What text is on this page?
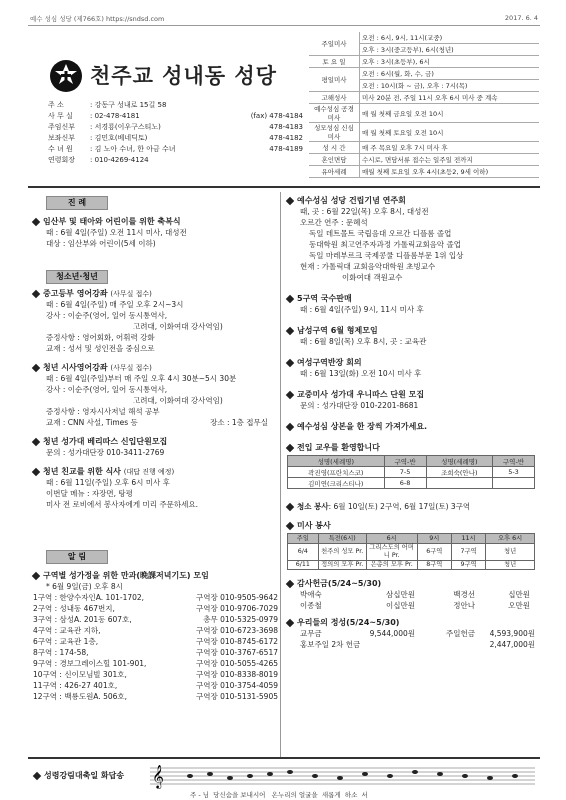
예수 성심 성당 (제766호) https://sndsd.com	2017. 6. 4
천주교 성내동 성당
주 소	: 강동구 성내로 15길 58
사 무 실	: 02-478-4181	(fax) 478-4184
주임신부	: 서경룡(이우구스티노)	478-4183
보좌신부	: 김민호(베네딕토)	478-4182
수 녀 원	: 김 노아 수녀, 한 아금 수녀	478-4189
연령회장	: 010-4269-4124
주일미사	오전 : 6시, 9시, 11시(교중)
	오후 : 3시(중고등부), 6시(청년)
토 요 일	오후 : 3시(초등부), 6시
평일미사	오전 : 6시(월, 화, 수, 금)
	오전 : 10시(화 ~ 금), 오후 : 7시(목)
고해성사	미사 20분 전, 주일 11시 오후 6시 미사 중 계속
예수성심 공경미사	매 월 첫째 금요일 오전 10시
성모성심 신심미사	매 월 첫째 토요일 오전 10시
성 시 간	매 주 목요일 오후 7시 미사 후
혼인면담	수시로, 면담서류 접수는 일주일 전까지
유아세례	매월 첫째 토요일 오후 4시(초등2, 9세 이하)
진 례
임산부 및 태아와 어린이를 위한 축복식
때 : 6월 4일(주일) 오전 11시 미사, 대성전
대상 : 임산부와 어린이(5세 이하)
청소년·청년
중고등부 영어강좌 (사무실 접수)
때 : 6월 4일(주일) 매 주일 오후 2시~3시
강사 : 이순주(영어, 일어 동시통역사,
고려대, 이화여대 강사역임)
증정사항 : 영어회화, 어휘력 강화
교재 : 성서 및 성인전을 중심으로
청년 시사영어강좌 (사무실 접수)
때 : 6월 4일(주일)부터 매 주일 오후 4시 30분~5시 30분
강사 : 이순주(영어, 일어 동시통역사,
고려대, 이화여대 강사역임)
증정사항 : 영자시사저널 해석 공부
교재 : CNN 사설, Times 등	장소 : 1층 접무실
청년 성가대 베리따스 신입단원모집
문의 : 성가대단장 010-3411-2769
청년 친교를 위한 식사 (대답 진행 예정)
때 : 6월 11일(주일) 오후 6시 미사 후
이번달 메뉴 : 자장면, 탕평
미사 전 로비에서 봉사자에게 미리 주문하세요.
알 림
구역별 성가정을 위한 만과(晩課저녁기도) 모임
* 6월 9일(금) 오후 8시
1구역 : 한양수자인A. 101-1702,	구역장 010-9505-9642
2구역 : 성내동 467번지,	구역장 010-9706-7029
3구역 : 삼성A. 201동 607호,	총무 010-5325-0979
4구역 : 교육관 지하,	구역장 010-6723-3698
6구역 : 교육관 1층,	구역장 010-8745-6172
8구역 : 174-58,	구역장 010-3767-6517
9구역 : 경보그레이스힐 101-901,	구역장 010-5055-4265
10구역 : 신이모님빌 301호,	구역장 010-8338-8019
11구역 : 426-27 401호,	구역장 010-3754-4059
12구역 : 백룡도원A. 506호,	구역장 010-5131-5905
예수성심 성당 건립기념 연주회
때, 곳 : 6월 22일(목) 오후 8시, 대성전
오르간 연주 : 문혜석
독일 데트몰트 국립음대 오르간 디플롬 졸업
동대학원 최고연주자과정 가톨릭교회음악 졸업
독일 마레부르크 국제콩쿨 디플롬부문 1위 입상
현재 : 가톨릭대 교회음악대학원 초빙교수
이화여대 객원교수
5구역 국수판매
때 : 6월 4일(주일) 9시, 11시 미사 후
남성구역 6월 형제모임
때 : 6월 8일(목) 오후 8시, 곳 : 교육관
여성구역반장 회의
때 : 6월 13일(화) 오전 10시 미사 후
교중미사 성가대 우니따스 단원 모집
문의 : 성가대단장 010-2201-8681
예수성심 상본을 한 장씩 가져가세요.
전입 교우를 환영합니다
성명(세례명)	구역-반	성명(세례명)	구역-반
곽진영(프란치스코)	7-5	조희숙(안나)	5-3
김미연(크리스티나)	6-8		
청소 봉사: 6월 10일(토) 2구역, 6월 17일(토) 3구역
미사 봉사
주일	특전(6시)	6시	9시	11시	오후 6시
6/4	천주의 성모 Pr.	그리스도의 어머니 Pr.	6구역	7구역	청년
6/11	정의의 모후 Pr.	은총의 모후 Pr.	8구역	9구역	청년
감사헌금(5/24~5/30)
박애숙	삼십만원	백경선	십만원
이종철	이십만원	정안나	오만원
우리들의 정성(5/24~5/30)
교무금	9,544,000원	주일헌금	4,593,900원
홍보주일 2차 헌금	2,447,000원
성령강림대축일 화답송 𝄞
주 - 님  당신숨을 보내시어   온누리의 얼굴을  새롭게  하소  서
